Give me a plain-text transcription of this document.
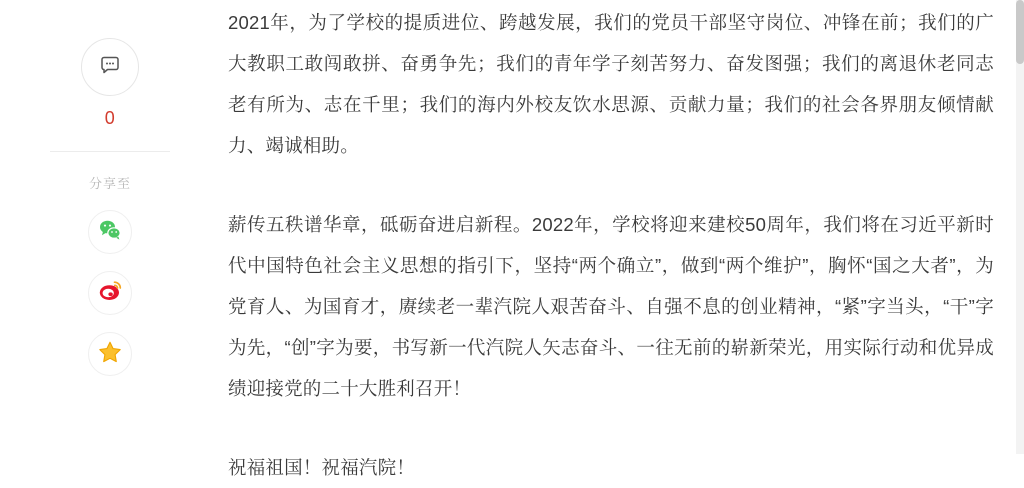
0
分享至

2021年，为了学校的提质进位、跨越发展，我们的党员干部坚守岗位、冲锋在前；我们的广大教职工敢闯敢拼、奋勇争先；我们的青年学子刻苦努力、奋发图强；我们的离退休老同志老有所为、志在千里；我们的海内外校友饮水思源、贡献力量；我们的社会各界朋友倾情献力、竭诚相助。

薪传五秩谱华章，砥砺奋进启新程。2022年，学校将迎来建校50周年，我们将在习近平新时代中国特色社会主义思想的指引下，坚持“两个确立”，做到“两个维护”，胸怀“国之大者”，为党育人、为国育才，赓续老一辈汽院人艰苦奋斗、自强不息的创业精神，“紧”字当头，“干”字为先，“创”字为要，书写新一代汽院人矢志奋斗、一往无前的崭新荣光，用实际行动和优异成绩迎接党的二十大胜利召开！

祝福祖国！祝福汽院！
